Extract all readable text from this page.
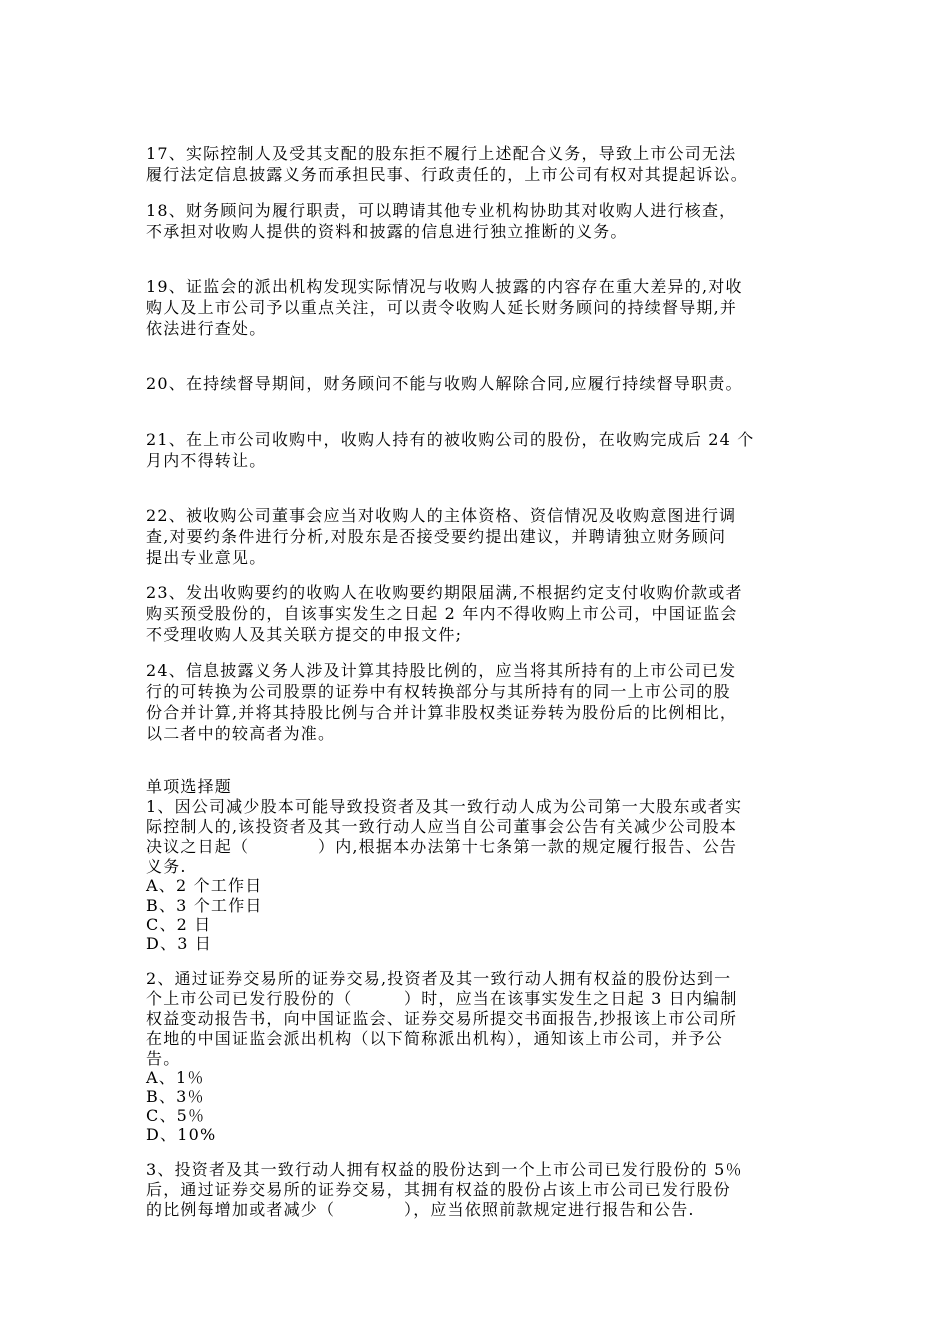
17、实际控制人及受其支配的股东拒不履行上述配合义务，导致上市公司无法
履行法定信息披露义务而承担民事、行政责任的，上市公司有权对其提起诉讼。
18、财务顾问为履行职责，可以聘请其他专业机构协助其对收购人进行核查，
不承担对收购人提供的资料和披露的信息进行独立推断的义务。
19、证监会的派出机构发现实际情况与收购人披露的内容存在重大差异的,对收
购人及上市公司予以重点关注，可以责令收购人延长财务顾问的持续督导期,并
依法进行查处。
20、在持续督导期间，财务顾问不能与收购人解除合同,应履行持续督导职责。
21、在上市公司收购中，收购人持有的被收购公司的股份，在收购完成后 24 个
月内不得转让。
22、被收购公司董事会应当对收购人的主体资格、资信情况及收购意图进行调
查,对要约条件进行分析,对股东是否接受要约提出建议，并聘请独立财务顾问
提出专业意见。
23、发出收购要约的收购人在收购要约期限届满,不根据约定支付收购价款或者
购买预受股份的，自该事实发生之日起 2 年内不得收购上市公司，中国证监会
不受理收购人及其关联方提交的申报文件;
24、信息披露义务人涉及计算其持股比例的，应当将其所持有的上市公司已发
行的可转换为公司股票的证券中有权转换部分与其所持有的同一上市公司的股
份合并计算,并将其持股比例与合并计算非股权类证券转为股份后的比例相比，
以二者中的较高者为准。
单项选择题
1、因公司减少股本可能导致投资者及其一致行动人成为公司第一大股东或者实
际控制人的,该投资者及其一致行动人应当自公司董事会公告有关减少公司股本
决议之日起（　　　　）内,根据本办法第十七条第一款的规定履行报告、公告
义务.
A、2 个工作日
B、3 个工作日
C、2 日
D、3 日
2、通过证券交易所的证券交易,投资者及其一致行动人拥有权益的股份达到一
个上市公司已发行股份的（　　　）时，应当在该事实发生之日起 3 日内编制
权益变动报告书，向中国证监会、证券交易所提交书面报告,抄报该上市公司所
在地的中国证监会派出机构（以下简称派出机构），通知该上市公司，并予公
告。
A、1％
B、3％
C、5％
D、10%
3、投资者及其一致行动人拥有权益的股份达到一个上市公司已发行股份的 5％
后，通过证券交易所的证券交易，其拥有权益的股份占该上市公司已发行股份
的比例每增加或者减少（　　　　），应当依照前款规定进行报告和公告.
